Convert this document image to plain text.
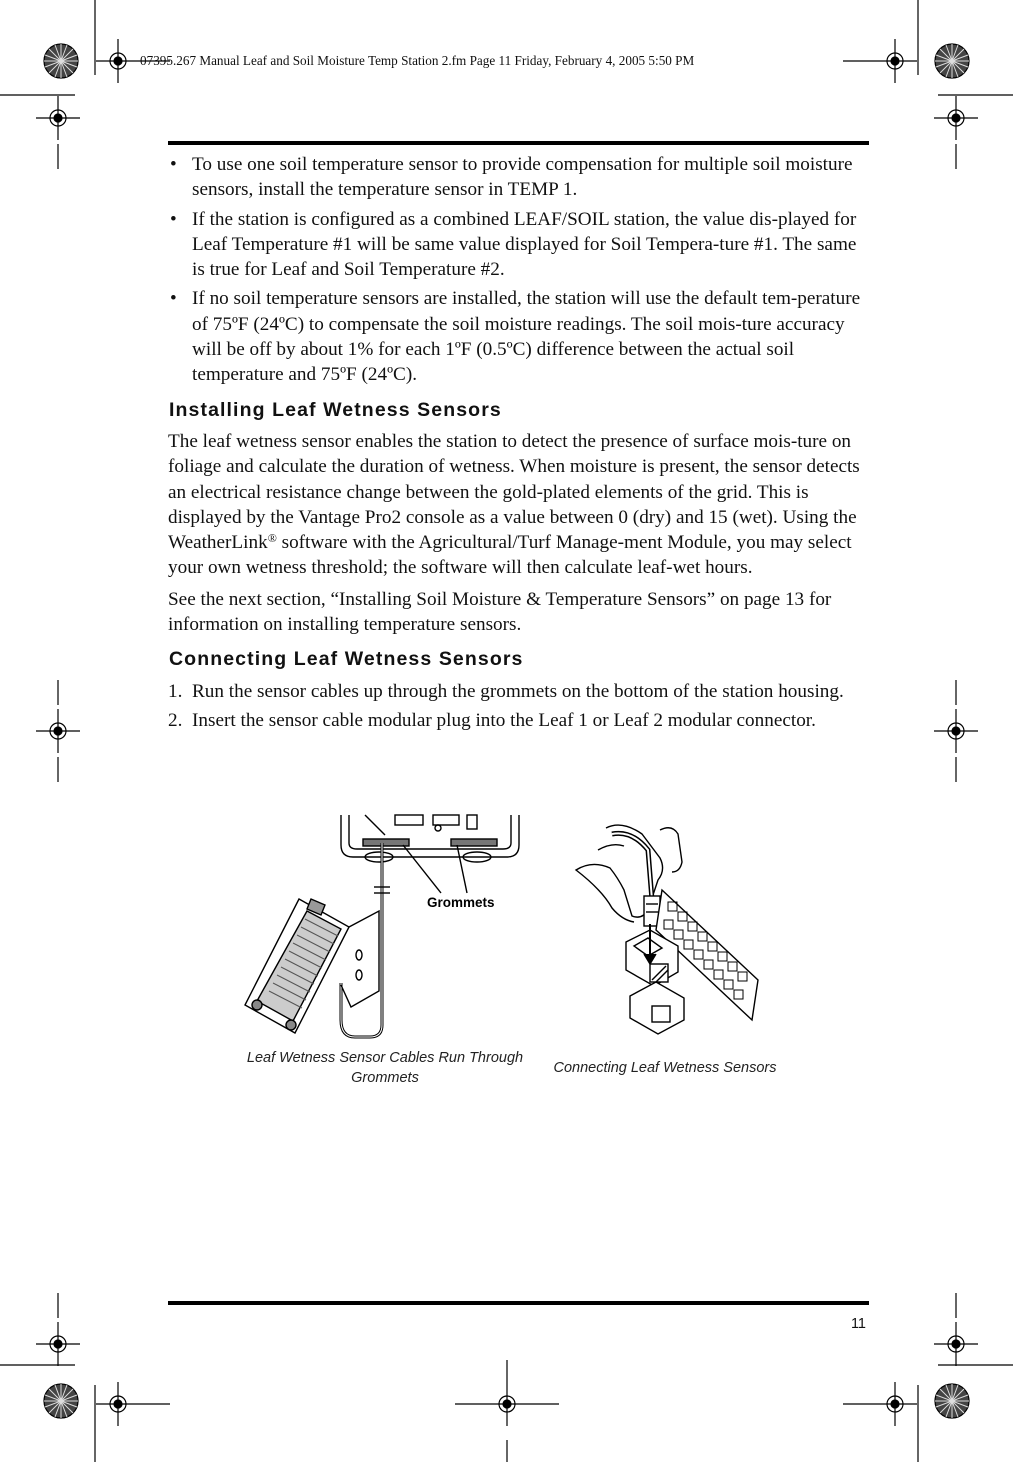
07395.267 Manual Leaf and Soil Moisture Temp Station 2.fm Page 11 Friday, February 4, 2005 5:50 PM
• To use one soil temperature sensor to provide compensation for multiple soil moisture sensors, install the temperature sensor in TEMP 1.
• If the station is configured as a combined LEAF/SOIL station, the value dis-played for Leaf Temperature #1 will be same value displayed for Soil Tempera-ture #1. The same is true for Leaf and Soil Temperature #2.
• If no soil temperature sensors are installed, the station will use the default tem-perature of 75ºF (24ºC) to compensate the soil moisture readings. The soil mois-ture accuracy will be off by about 1% for each 1ºF (0.5ºC) difference between the actual soil temperature and 75ºF (24ºC).
Installing Leaf Wetness Sensors

The leaf wetness sensor enables the station to detect the presence of surface mois-ture on foliage and calculate the duration of wetness. When moisture is present, the sensor detects an electrical resistance change between the gold-plated elements of the grid. This is displayed by the Vantage Pro2 console as a value between 0 (dry) and 15 (wet). Using the WeatherLink® software with the Agricultural/Turf Manage-ment Module, you may select your own wetness threshold; the software will then calculate leaf-wet hours.

See the next section, “Installing Soil Moisture & Temperature Sensors” on page 13 for information on installing temperature sensors.

Connecting Leaf Wetness Sensors
1. Run the sensor cables up through the grommets on the bottom of the station housing.
2. Insert the sensor cable modular plug into the Leaf 1 or Leaf 2 modular connector.
Grommets
Leaf Wetness Sensor Cables Run Through
Grommets
Connecting Leaf Wetness Sensors
11
